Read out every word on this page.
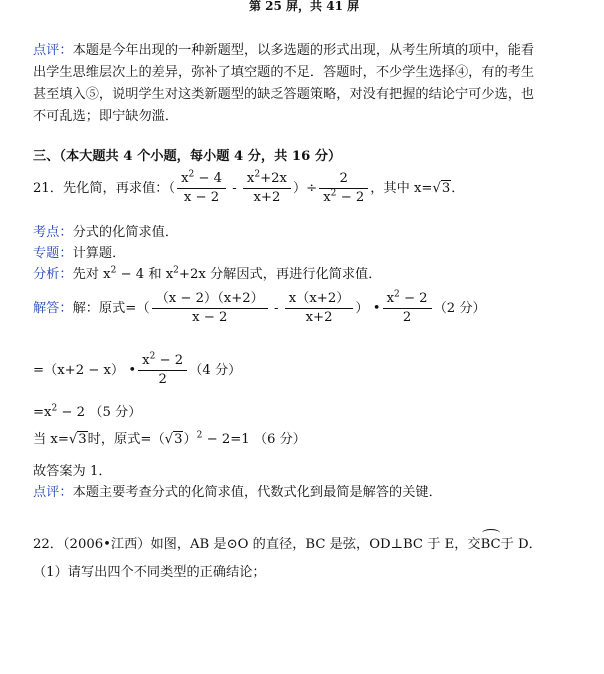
第 25 屏，共 41 屏
点评：本题是今年出现的一种新题型，以多选题的形式出现，从考生所填的项中，能看
出学生思维层次上的差异，弥补了填空题的不足．答题时，不少学生选择④，有的考生
甚至填入⑤，说明学生对这类新题型的缺乏答题策略，对没有把握的结论宁可少选，也
不可乱选；即宁缺勿滥．
三、（本大题共 4 个小题，每小题 4 分，共 16 分）
21．先化简，再求值：（ $\frac{x^2 - 4}{x - 2} - \frac{x^2+2x}{x+2}$ ）÷ $\frac{2}{x^2 - 2}$ ，其中 x=√3．
考点：分式的化简求值．
专题：计算题．
分析：先对 $x^2 - 4$ 和 $x^2+2x$ 分解因式，再进行化简求值．
解答：解：原式=（ $\frac{(x - 2)(x+2)}{x - 2} - \frac{x(x+2)}{x+2}$ ） • $\frac{x^2 - 2}{2} (2$ 分）
=（x+2 − x） • $\frac{x^2 - 2}{2} (4$ 分）
$=x^2 - 2$ （5 分）
当 x=√3时，原式$=(√3)^2 - 2=1$ （6 分）
故答案为 1．
点评：本题主要考查分式的化简求值，代数式化到最简是解答的关键．
22．（2006•江西）如图，AB 是⊙O 的直径，BC 是弦，OD⊥BC 于 E，交BC于 D．
（1）请写出四个不同类型的正确结论；
